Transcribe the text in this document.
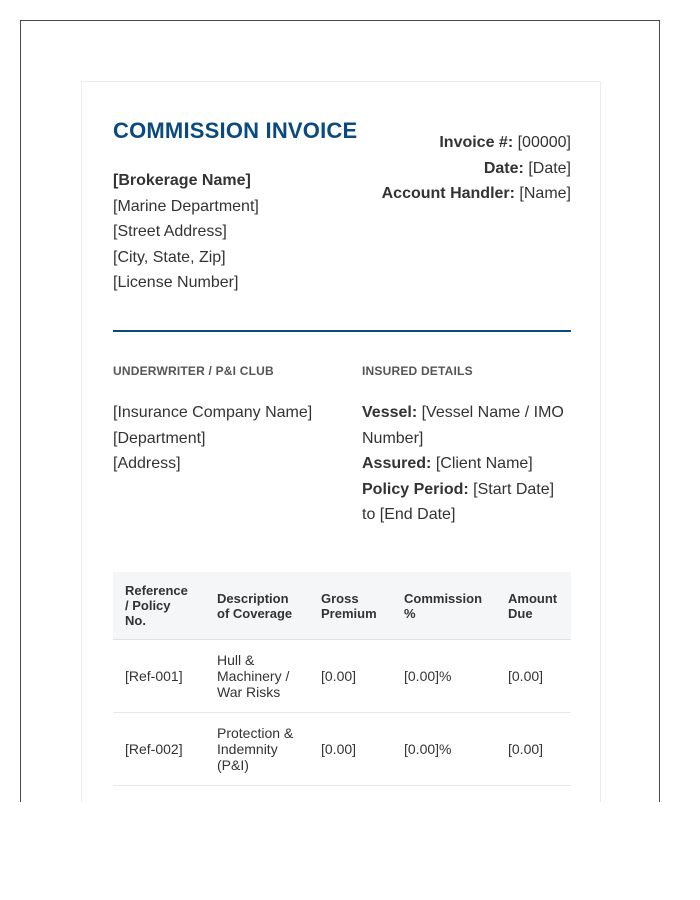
COMMISSION INVOICE	Invoice #: [00000]
Date: [Date]
Account Handler: [Name]
[Brokerage Name]
[Marine Department]
[Street Address]
[City, State, Zip]
[License Number]
UNDERWRITER / P&I CLUB
[Insurance Company Name]
[Department]
[Address]
INSURED DETAILS
Vessel: [Vessel Name / IMO Number]
Assured: [Client Name]
Policy Period: [Start Date] to [End Date]
Reference / Policy No.	Description of Coverage	Gross Premium	Commission %	Amount Due
[Ref-001]	Hull & Machinery / War Risks	[0.00]	[0.00]%	[0.00]
[Ref-002]	Protection & Indemnity (P&I)	[0.00]	[0.00]%	[0.00]
